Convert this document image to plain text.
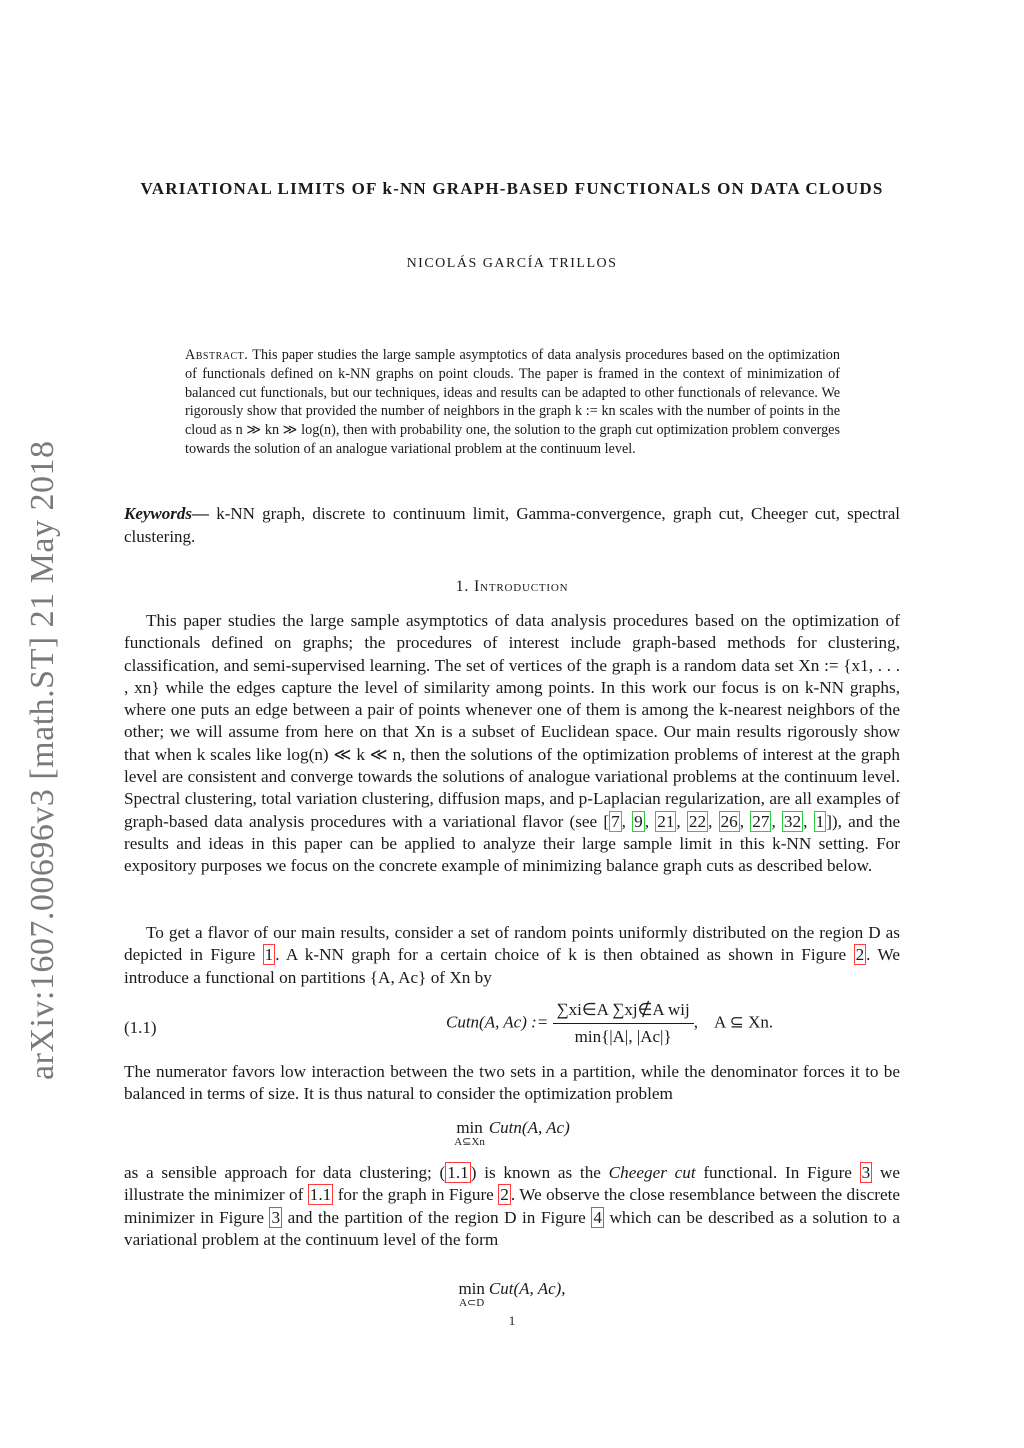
arXiv:1607.00696v3 [math.ST] 21 May 2018
VARIATIONAL LIMITS OF k-NN GRAPH-BASED FUNCTIONALS ON DATA CLOUDS
NICOLÁS GARCÍA TRILLOS
Abstract. This paper studies the large sample asymptotics of data analysis procedures based on the optimization of functionals defined on k-NN graphs on point clouds. The paper is framed in the context of minimization of balanced cut functionals, but our techniques, ideas and results can be adapted to other functionals of relevance. We rigorously show that provided the number of neighbors in the graph k := kn scales with the number of points in the cloud as n ≫ kn ≫ log(n), then with probability one, the solution to the graph cut optimization problem converges towards the solution of an analogue variational problem at the continuum level.
Keywords— k-NN graph, discrete to continuum limit, Gamma-convergence, graph cut, Cheeger cut, spectral clustering.
1. Introduction

This paper studies the large sample asymptotics of data analysis procedures based on the optimization of functionals defined on graphs; the procedures of interest include graph-based methods for clustering, classification, and semi-supervised learning. The set of vertices of the graph is a random data set Xn := {x1, . . . , xn} while the edges capture the level of similarity among points. In this work our focus is on k-NN graphs, where one puts an edge between a pair of points whenever one of them is among the k-nearest neighbors of the other; we will assume from here on that Xn is a subset of Euclidean space. Our main results rigorously show that when k scales like log(n) ≪ k ≪ n, then the solutions of the optimization problems of interest at the graph level are consistent and converge towards the solutions of analogue variational problems at the continuum level. Spectral clustering, total variation clustering, diffusion maps, and p-Laplacian regularization, are all examples of graph-based data analysis procedures with a variational flavor (see [ 7 , 9 , 21 , 22 , 26 , 27 , 32 , 1 ]), and the results and ideas in this paper can be applied to analyze their large sample limit in this k-NN setting. For expository purposes we focus on the concrete example of minimizing balance graph cuts as described below.

To get a flavor of our main results, consider a set of random points uniformly distributed on the region D as depicted in Figure 1 . A k-NN graph for a certain choice of k is then obtained as shown in Figure 2 . We introduce a functional on partitions {A, Ac} of Xn by

(1.1)	Cutn(A, Ac) := $\frac{\text{∑xi∈A ∑xj∉A wij}}{\min\{|A|, |Ac|\}}$ ,    A ⊆ Xn.

The numerator favors low interaction between the two sets in a partition, while the denominator forces it to be balanced in terms of size. It is thus natural to consider the optimization problem

min
A⊆Xn
Cutn(A, Ac)

as a sensible approach for data clustering; ( 1.1 ) is known as the Cheeger cut functional. In Figure 3 we illustrate the minimizer of 1.1 for the graph in Figure 2 . We observe the close resemblance between the discrete minimizer in Figure 3 and the partition of the region D in Figure 4 which can be described as a solution to a variational problem at the continuum level of the form

min
A⊂D
Cut(A, Ac),
1
